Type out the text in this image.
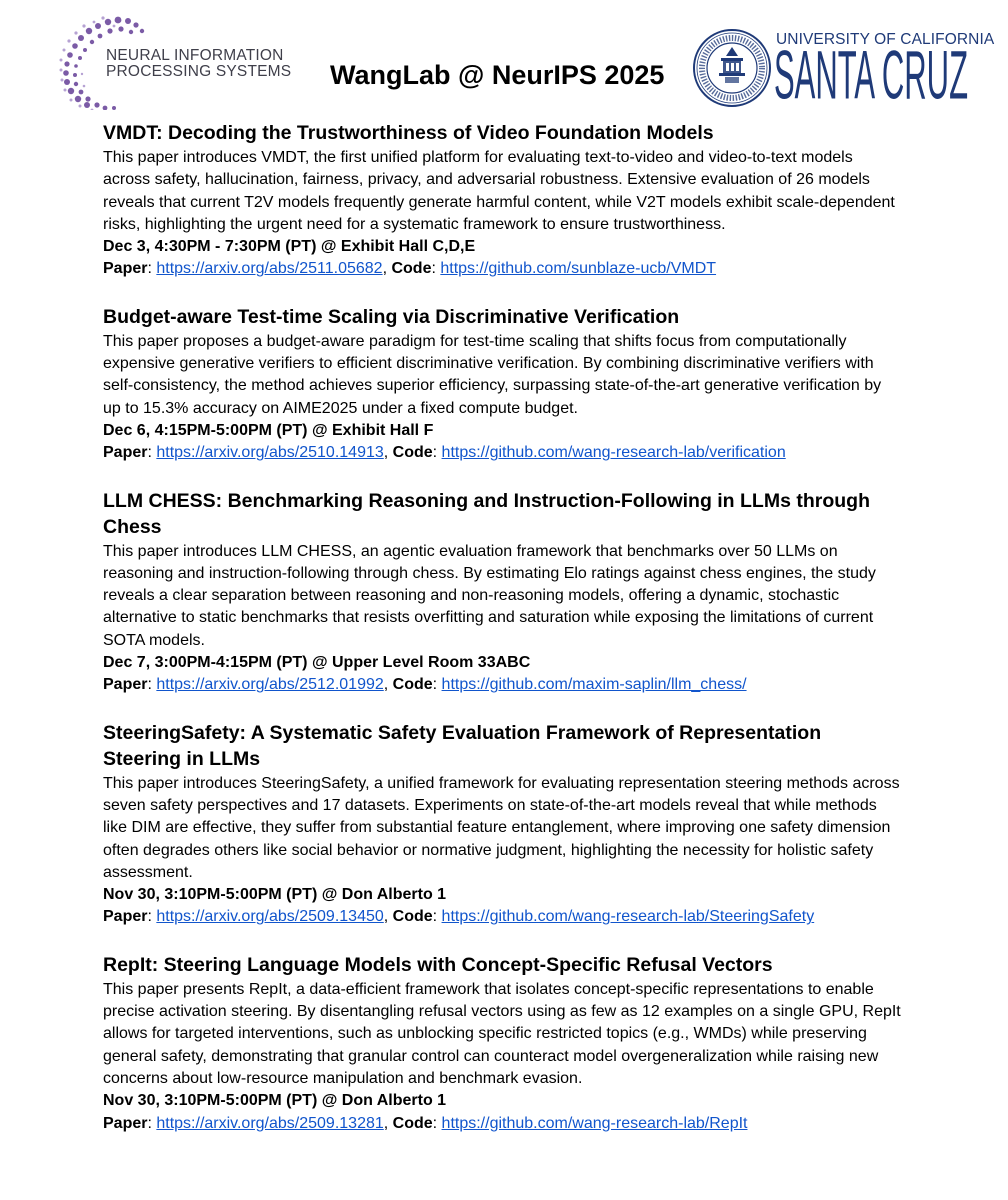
NEURAL INFORMATION
PROCESSING SYSTEMS WangLab @ NeurIPS 2025
UNIVERSITY OF CALIFORNIA
SANTA CRUZ
VMDT: Decoding the Trustworthiness of Video Foundation Models
This paper introduces VMDT, the first unified platform for evaluating text-to-video and video-to-text models across safety, hallucination, fairness, privacy, and adversarial robustness. Extensive evaluation of 26 models reveals that current T2V models frequently generate harmful content, while V2T models exhibit scale-dependent risks, highlighting the urgent need for a systematic framework to ensure trustworthiness.
Dec 3, 4:30PM - 7:30PM (PT) @ Exhibit Hall C,D,E
Paper: https://arxiv.org/abs/2511.05682, Code: https://github.com/sunblaze-ucb/VMDT
Budget-aware Test-time Scaling via Discriminative Verification
This paper proposes a budget-aware paradigm for test-time scaling that shifts focus from computationally expensive generative verifiers to efficient discriminative verification. By combining discriminative verifiers with self-consistency, the method achieves superior efficiency, surpassing state-of-the-art generative verification by up to 15.3% accuracy on AIME2025 under a fixed compute budget.
Dec 6, 4:15PM-5:00PM (PT) @ Exhibit Hall F
Paper: https://arxiv.org/abs/2510.14913, Code: https://github.com/wang-research-lab/verification
LLM CHESS: Benchmarking Reasoning and Instruction-Following in LLMs through Chess
This paper introduces LLM CHESS, an agentic evaluation framework that benchmarks over 50 LLMs on reasoning and instruction-following through chess. By estimating Elo ratings against chess engines, the study reveals a clear separation between reasoning and non-reasoning models, offering a dynamic, stochastic alternative to static benchmarks that resists overfitting and saturation while exposing the limitations of current SOTA models.
Dec 7, 3:00PM-4:15PM (PT) @ Upper Level Room 33ABC
Paper: https://arxiv.org/abs/2512.01992, Code: https://github.com/maxim-saplin/llm_chess/
SteeringSafety: A Systematic Safety Evaluation Framework of Representation Steering in LLMs
This paper introduces SteeringSafety, a unified framework for evaluating representation steering methods across seven safety perspectives and 17 datasets. Experiments on state-of-the-art models reveal that while methods like DIM are effective, they suffer from substantial feature entanglement, where improving one safety dimension often degrades others like social behavior or normative judgment, highlighting the necessity for holistic safety assessment.
Nov 30, 3:10PM-5:00PM (PT) @ Don Alberto 1
Paper: https://arxiv.org/abs/2509.13450, Code: https://github.com/wang-research-lab/SteeringSafety
RepIt: Steering Language Models with Concept-Specific Refusal Vectors
This paper presents RepIt, a data-efficient framework that isolates concept-specific representations to enable precise activation steering. By disentangling refusal vectors using as few as 12 examples on a single GPU, RepIt allows for targeted interventions, such as unblocking specific restricted topics (e.g., WMDs) while preserving general safety, demonstrating that granular control can counteract model overgeneralization while raising new concerns about low-resource manipulation and benchmark evasion.
Nov 30, 3:10PM-5:00PM (PT) @ Don Alberto 1
Paper: https://arxiv.org/abs/2509.13281, Code: https://github.com/wang-research-lab/RepIt
